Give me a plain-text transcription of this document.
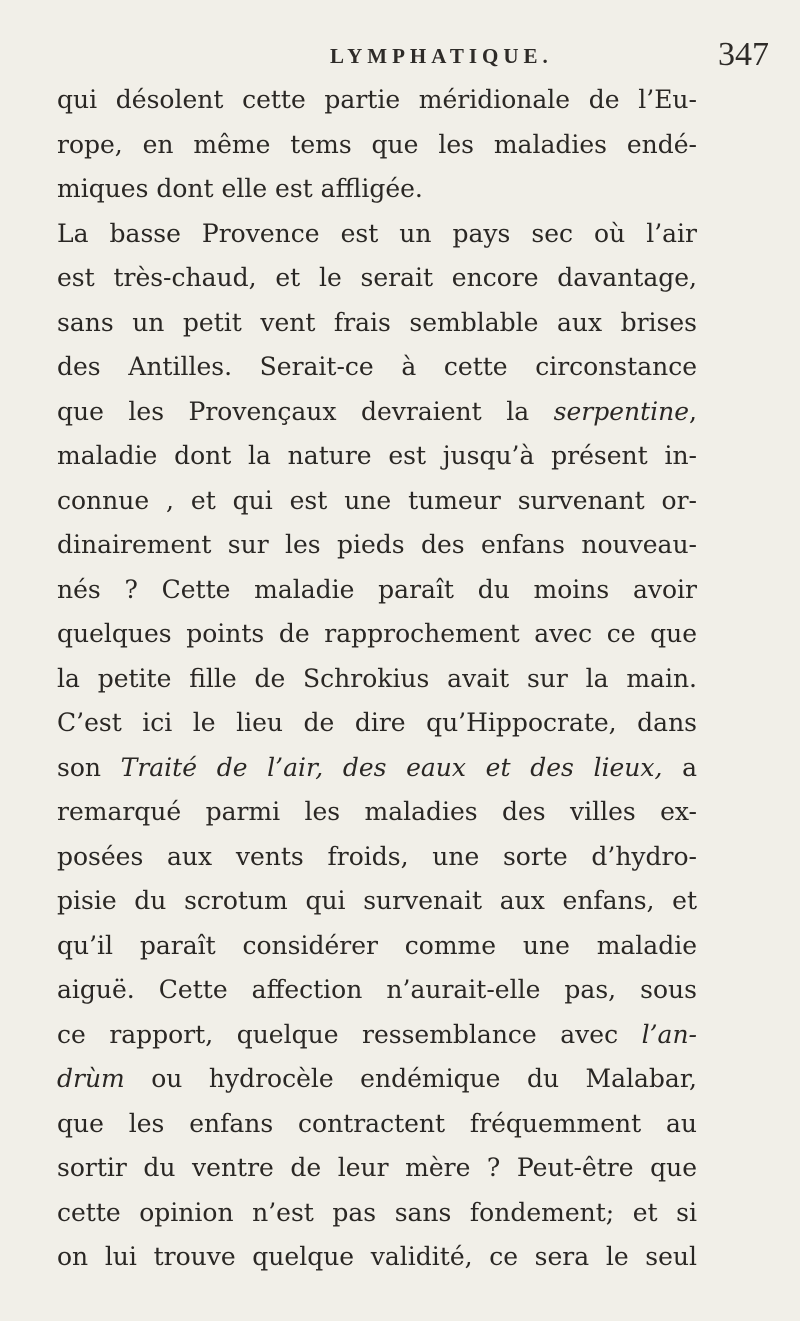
LYMPHATIQUE.	347
qui désolent cette partie méridionale de l’Eu-
rope, en même tems que les maladies endé-
miques dont elle est affligée.
La basse Provence est un pays sec où l’air
est très-chaud, et le serait encore davantage,
sans un petit vent frais semblable aux brises
des Antilles. Serait-ce à cette circonstance
que les Provençaux devraient la serpentine,
maladie dont la nature est jusqu’à présent in-
connue , et qui est une tumeur survenant or-
dinairement sur les pieds des enfans nouveau-
nés ? Cette maladie paraît du moins avoir
quelques points de rapprochement avec ce que
la petite fille de Schrokius avait sur la main.
C’est ici le lieu de dire qu’Hippocrate, dans
son Traité de l’air, des eaux et des lieux, a
remarqué parmi les maladies des villes ex-
posées aux vents froids, une sorte d’hydro-
pisie du scrotum qui survenait aux enfans, et
qu’il paraît considérer comme une maladie
aiguë. Cette affection n’aurait-elle pas, sous
ce rapport, quelque ressemblance avec l’an-
drùm ou hydrocèle endémique du Malabar,
que les enfans contractent fréquemment au
sortir du ventre de leur mère ? Peut-être que
cette opinion n’est pas sans fondement; et si
on lui trouve quelque validité, ce sera le seul
